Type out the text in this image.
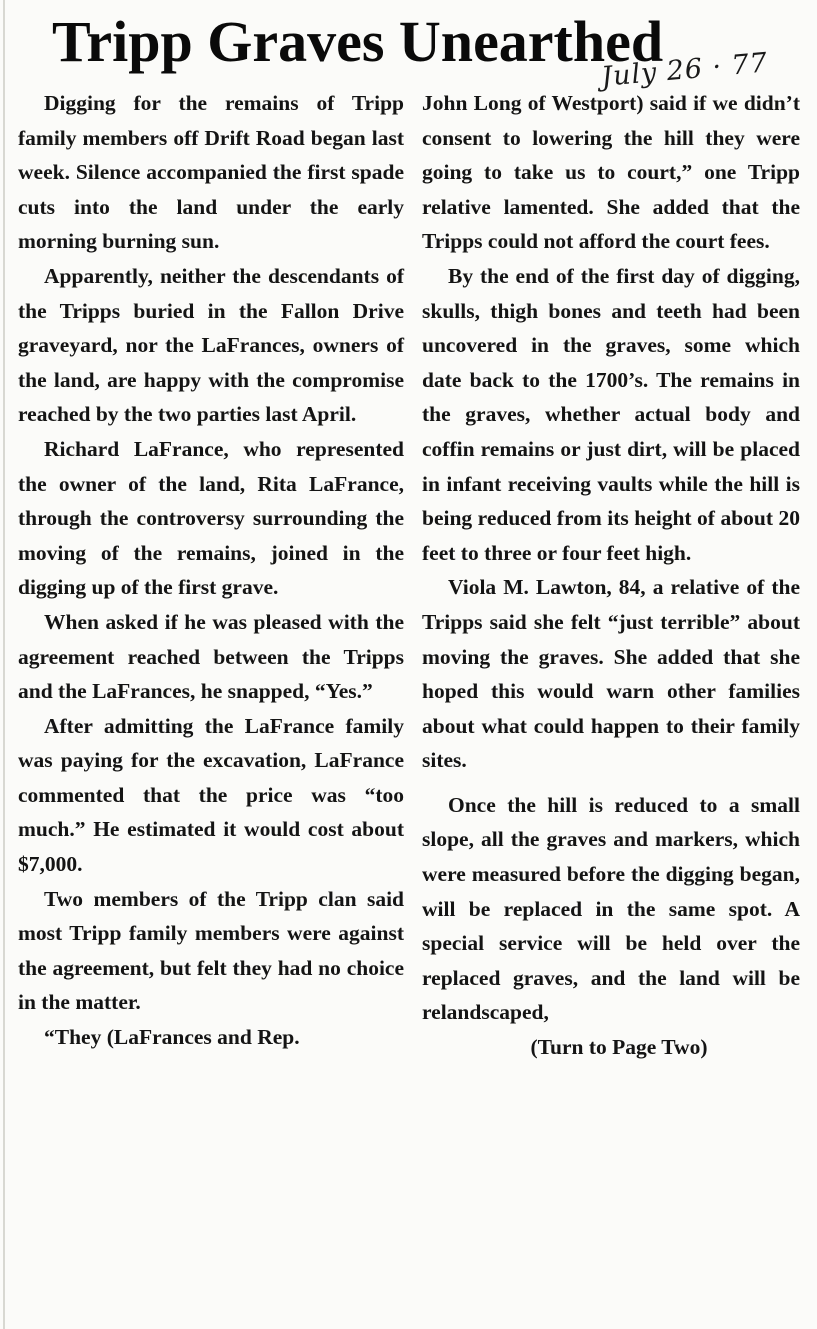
Tripp Graves Unearthed
July 26 · 77

Digging for the remains of Tripp family members off Drift Road began last week. Silence accompanied the first spade cuts into the land under the early morning burning sun.

Apparently, neither the descendants of the Tripps buried in the Fallon Drive graveyard, nor the LaFrances, owners of the land, are happy with the compromise reached by the two parties last April.

Richard LaFrance, who represented the owner of the land, Rita LaFrance, through the controversy surrounding the moving of the remains, joined in the digging up of the first grave.

When asked if he was pleased with the agreement reached between the Tripps and the LaFrances, he snapped, “Yes.”

After admitting the LaFrance family was paying for the excavation, LaFrance commented that the price was “too much.” He estimated it would cost about $7,000.

Two members of the Tripp clan said most Tripp family members were against the agreement, but felt they had no choice in the matter.

“They (LaFrances and Rep.

John Long of Westport) said if we didn’t consent to lowering the hill they were going to take us to court,” one Tripp relative lamented. She added that the Tripps could not afford the court fees.

By the end of the first day of digging, skulls, thigh bones and teeth had been uncovered in the graves, some which date back to the 1700’s. The remains in the graves, whether actual body and coffin remains or just dirt, will be placed in infant receiving vaults while the hill is being reduced from its height of about 20 feet to three or four feet high.

Viola M. Lawton, 84, a relative of the Tripps said she felt “just terrible” about moving the graves. She added that she hoped this would warn other families about what could happen to their family sites.

Once the hill is reduced to a small slope, all the graves and markers, which were measured before the digging began, will be replaced in the same spot. A special service will be held over the replaced graves, and the land will be relandscaped,

(Turn to Page Two)
